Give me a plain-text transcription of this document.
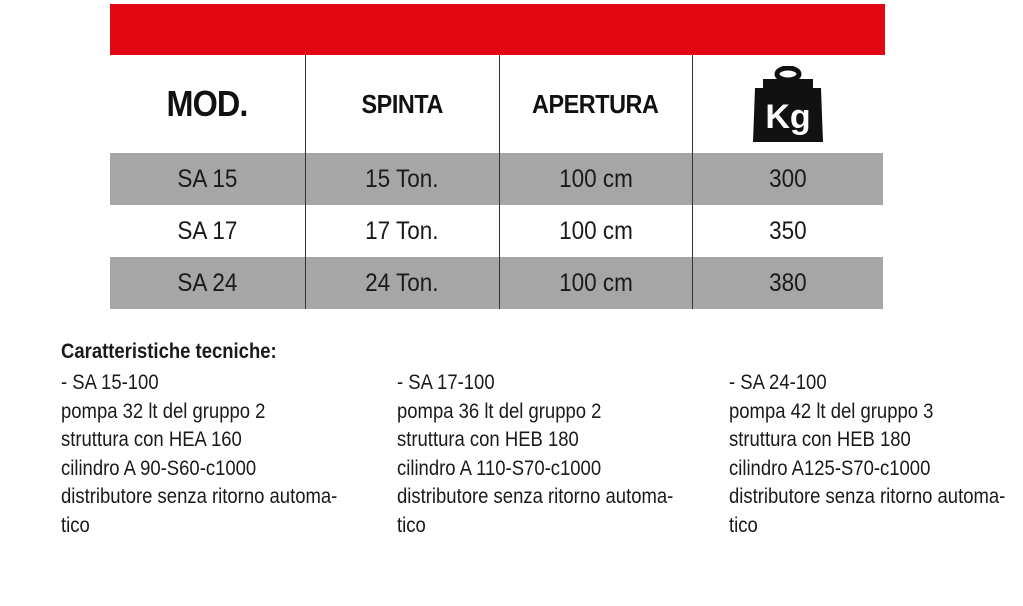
MOD.	SPINTA	APERTURA	Kg

SA 15	15 Ton.	100 cm	300
SA 17	17 Ton.	100 cm	350
SA 24	24 Ton.	100 cm	380
Caratteristiche tecniche:
- SA 15-100
pompa 32 lt del gruppo 2
struttura con HEA 160
cilindro A 90-S60-c1000
distributore senza ritorno automa-
tico
- SA 17-100
pompa 36 lt del gruppo 2
struttura con HEB 180
cilindro A 110-S70-c1000
distributore senza ritorno automa-
tico
- SA 24-100
pompa 42 lt del gruppo 3
struttura con HEB 180
cilindro A125-S70-c1000
distributore senza ritorno automa-
tico
